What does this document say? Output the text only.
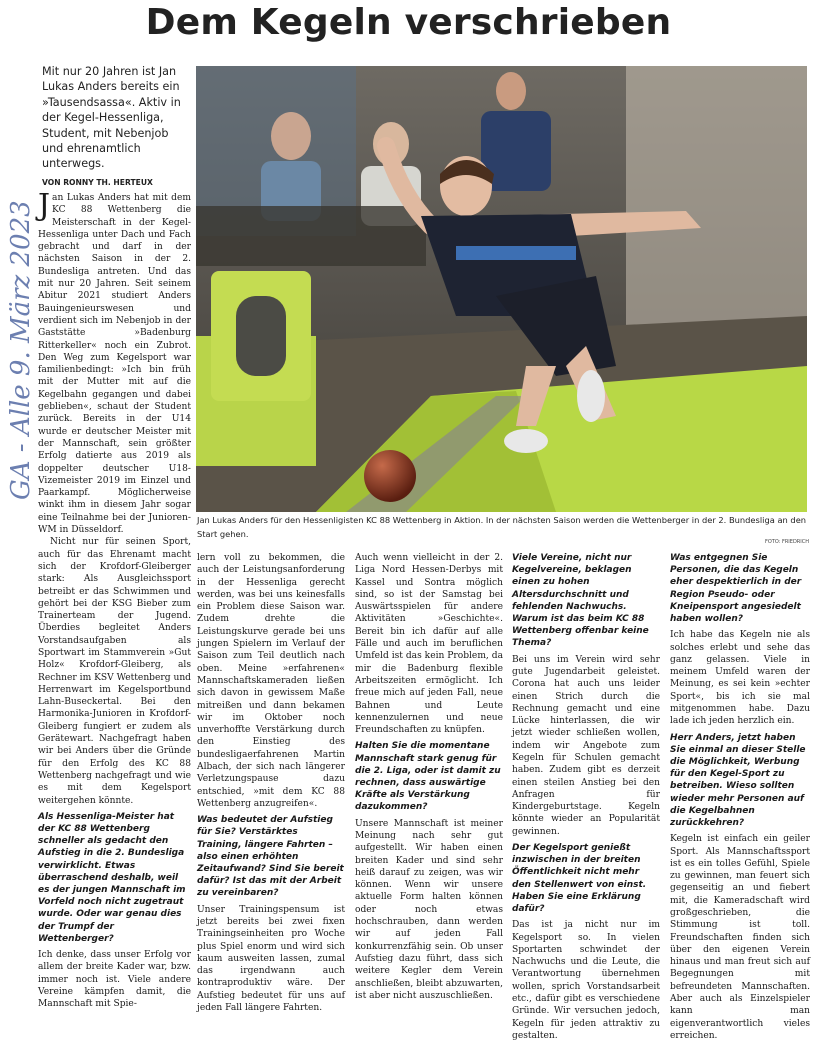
Dem Kegeln verschrieben
Mit nur 20 Jahren ist Jan Lukas Anders bereits ein »Tausendsassa«. Aktiv in der Kegel-Hessenliga, Student, mit Nebenjob und ehrenamtlich unterwegs.
VON RONNY TH. HERTEUX
GA - Alle 9. März 2023
Jan Lukas Anders für den Hessenligisten KC 88 Wettenberg in Aktion. In der nächsten Saison werden die Wettenberger in der 2. Bundesliga an den Start gehen.
FOTO: FRIEDRICH

Jan Lukas Anders hat mit dem KC 88 Wettenberg die Meisterschaft in der Kegel-Hessenliga unter Dach und Fach gebracht und darf in der nächsten Saison in der 2. Bundesliga antreten. Und das mit nur 20 Jahren. Seit seinem Abitur 2021 studiert Anders Bauingenieurswesen und verdient sich im Nebenjob in der Gaststätte »Badenburg Ritterkeller« noch ein Zubrot. Den Weg zum Kegelsport war familienbedingt: »Ich bin früh mit der Mutter mit auf die Kegelbahn gegangen und dabei geblieben«, schaut der Student zurück. Bereits in der U14 wurde er deutscher Meister mit der Mannschaft, sein größter Erfolg datierte aus 2019 als doppelter deutscher U18-Vizemeister 2019 im Einzel und Paarkampf. Möglicherweise winkt ihm in diesem Jahr sogar eine Teilnahme bei der Junioren-WM in Düsseldorf.

Nicht nur für seinen Sport, auch für das Ehrenamt macht sich der Krofdorf-Gleiberger stark: Als Ausgleichssport betreibt er das Schwimmen und gehört bei der KSG Bieber zum Trainerteam der Jugend. Überdies begleitet Anders Vorstandsaufgaben als Sportwart im Stammverein »Gut Holz« Krofdorf-Gleiberg, als Rechner im KSV Wettenberg und Herrenwart im Kegelsportbund Lahn-Buseckertal. Bei den Harmonika-Junioren in Krofdorf-Gleiberg fungiert er zudem als Gerätewart. Nachgefragt haben wir bei Anders über die Gründe für den Erfolg des KC 88 Wettenberg nachgefragt und wie es mit dem Kegelsport weitergehen könnte.

Als Hessenliga-Meister hat der KC 88 Wettenberg schneller als gedacht den Aufstieg in die 2. Bundesliga verwirklicht. Etwas überraschend deshalb, weil es der jungen Mannschaft im Vorfeld noch nicht zugetraut wurde. Oder war genau dies der Trumpf der Wettenberger?

Ich denke, dass unser Erfolg vor allem der breite Kader war, bzw. immer noch ist. Viele andere Vereine kämpfen damit, die Mannschaft mit Spie-

lern voll zu bekommen, die auch der Leistungsanforderung in der Hessenliga gerecht werden, was bei uns keinesfalls ein Problem diese Saison war. Zudem drehte die Leistungskurve gerade bei uns jungen Spielern im Verlauf der Saison zum Teil deutlich nach oben. Meine »erfahrenen« Mannschaftskameraden ließen sich davon in gewissem Maße mitreißen und dann bekamen wir im Oktober noch unverhoffte Verstärkung durch den Einstieg des bundesligaerfahrenen Martin Albach, der sich nach längerer Verletzungspause dazu entschied, »mit dem KC 88 Wettenberg anzugreifen«.

Was bedeutet der Aufstieg für Sie? Verstärktes Training, längere Fahrten – also einen erhöhten Zeitaufwand? Sind Sie bereit dafür? Ist das mit der Arbeit zu vereinbaren?

Unser Trainingspensum ist jetzt bereits bei zwei fixen Trainingseinheiten pro Woche plus Spiel enorm und wird sich kaum ausweiten lassen, zumal das irgendwann auch kontraproduktiv wäre. Der Aufstieg bedeutet für uns auf jeden Fall längere Fahrten.

Auch wenn vielleicht in der 2. Liga Nord Hessen-Derbys mit Kassel und Sontra möglich sind, so ist der Samstag bei Auswärtsspielen für andere Aktivitäten »Geschichte«. Bereit bin ich dafür auf alle Fälle und auch im beruflichen Umfeld ist das kein Problem, da mir die Badenburg flexible Arbeitszeiten ermöglicht. Ich freue mich auf jeden Fall, neue Bahnen und Leute kennenzulernen und neue Freundschaften zu knüpfen.

Halten Sie die momentane Mannschaft stark genug für die 2. Liga, oder ist damit zu rechnen, dass auswärtige Kräfte als Verstärkung dazukommen?

Unsere Mannschaft ist meiner Meinung nach sehr gut aufgestellt. Wir haben einen breiten Kader und sind sehr heiß darauf zu zeigen, was wir können. Wenn wir unsere aktuelle Form halten können oder noch etwas hochschrauben, dann werden wir auf jeden Fall konkurrenzfähig sein. Ob unser Aufstieg dazu führt, dass sich weitere Kegler dem Verein anschließen, bleibt abzuwarten, ist aber nicht auszuschließen.

Viele Vereine, nicht nur Kegelvereine, beklagen einen zu hohen Altersdurchschnitt und fehlenden Nachwuchs. Warum ist das beim KC 88 Wettenberg offenbar keine Thema?

Bei uns im Verein wird sehr gute Jugendarbeit geleistet. Corona hat auch uns leider einen Strich durch die Rechnung gemacht und eine Lücke hinterlassen, die wir jetzt wieder schließen wollen, indem wir Angebote zum Kegeln für Schulen gemacht haben. Zudem gibt es derzeit einen steilen Anstieg bei den Anfragen für Kindergeburtstage. Kegeln könnte wieder an Popularität gewinnen.

Der Kegelsport genießt inzwischen in der breiten Öffentlichkeit nicht mehr den Stellenwert von einst. Haben Sie eine Erklärung dafür?

Das ist ja nicht nur im Kegelsport so. In vielen Sportarten schwindet der Nachwuchs und die Leute, die Verantwortung übernehmen wollen, sprich Vorstandsarbeit etc., dafür gibt es verschiedene Gründe. Wir versuchen jedoch, Kegeln für jeden attraktiv zu gestalten.

Was entgegnen Sie Personen, die das Kegeln eher despektierlich in der Region Pseudo- oder Kneipensport angesiedelt haben wollen?

Ich habe das Kegeln nie als solches erlebt und sehe das ganz gelassen. Viele in meinem Umfeld waren der Meinung, es sei kein »echter Sport«, bis ich sie mal mitgenommen habe. Dazu lade ich jeden herzlich ein.

Herr Anders, jetzt haben Sie einmal an dieser Stelle die Möglichkeit, Werbung für den Kegel-Sport zu betreiben. Wieso sollten wieder mehr Personen auf die Kegelbahnen zurückkehren?

Kegeln ist einfach ein geiler Sport. Als Mannschaftssport ist es ein tolles Gefühl, Spiele zu gewinnen, man feuert sich gegenseitig an und fiebert mit, die Kameradschaft wird großgeschrieben, die Stimmung ist toll. Freundschaften finden sich über den eigenen Verein hinaus und man freut sich auf Begegnungen mit befreundeten Mannschaften. Aber auch als Einzelspieler kann man eigenverantwortlich vieles erreichen.
